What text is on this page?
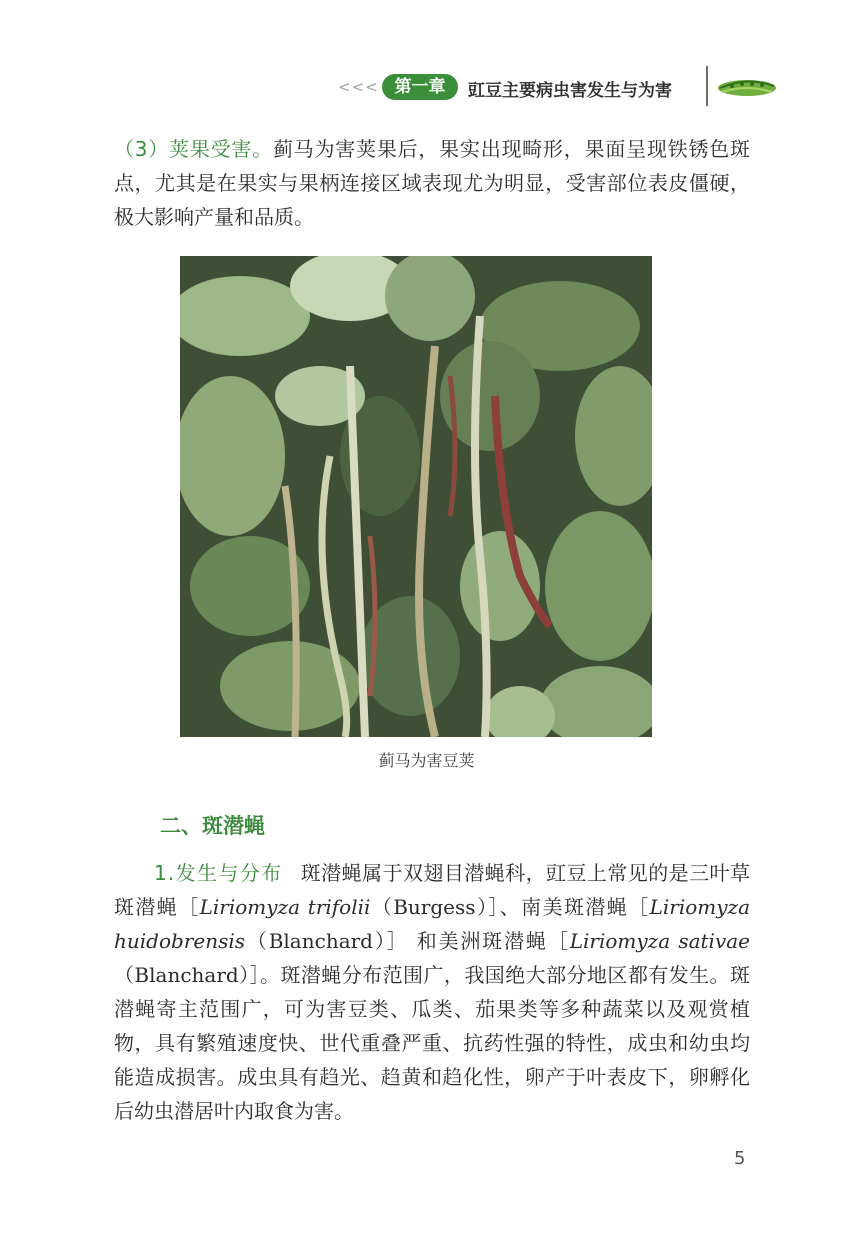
<<< 第一章	豇豆主要病虫害发生与为害
（3）荚果受害。蓟马为害荚果后，果实出现畸形，果面呈现铁锈色斑点，尤其是在果实与果柄连接区域表现尤为明显，受害部位表皮僵硬，极大影响产量和品质。
蓟马为害豆荚
二、斑潜蝇
1.发生与分布 斑潜蝇属于双翅目潜蝇科，豇豆上常见的是三叶草斑潜蝇［Liriomyza trifolii（Burgess）］、南美斑潜蝇［Liriomyza huidobrensis（Blanchard）］ 和美洲斑潜蝇［Liriomyza sativae（Blanchard）］。斑潜蝇分布范围广，我国绝大部分地区都有发生。斑潜蝇寄主范围广，可为害豆类、瓜类、茄果类等多种蔬菜以及观赏植物，具有繁殖速度快、世代重叠严重、抗药性强的特性，成虫和幼虫均能造成损害。成虫具有趋光、趋黄和趋化性，卵产于叶表皮下，卵孵化后幼虫潜居叶内取食为害。
5
